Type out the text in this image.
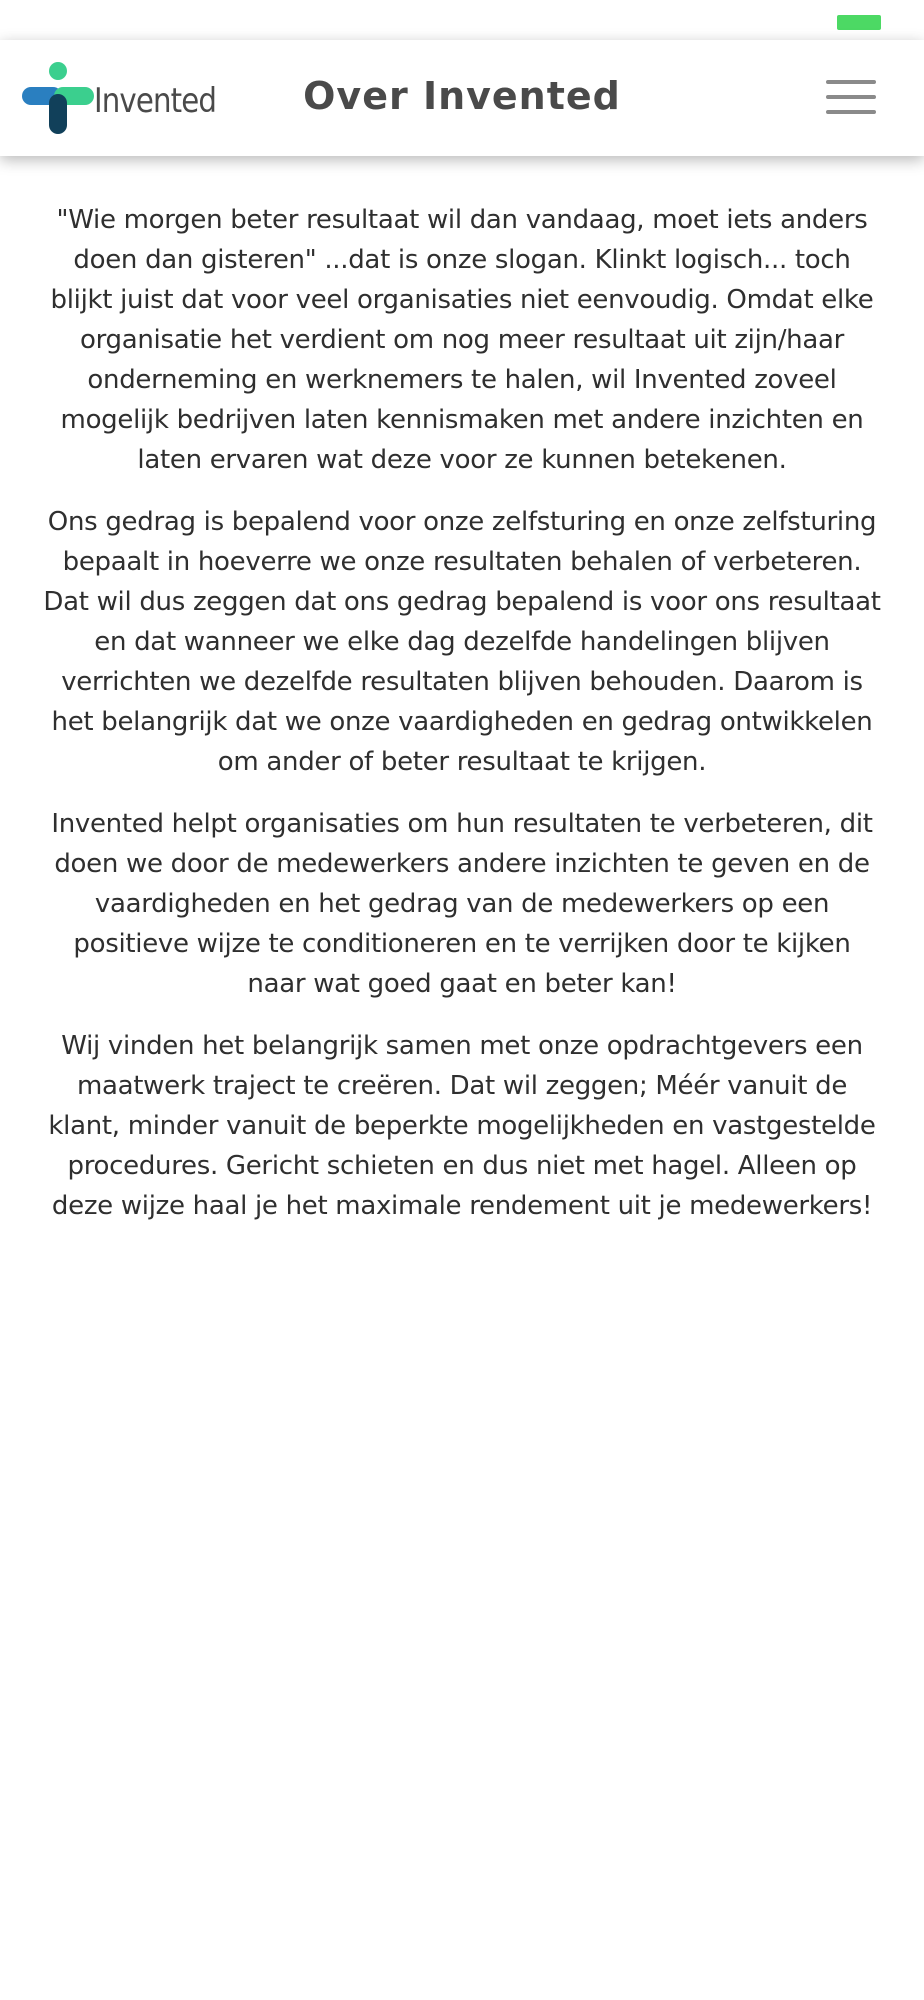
Invented	Over Invented

"Wie morgen beter resultaat wil dan vandaag, moet iets anders doen dan gisteren" ...dat is onze slogan. Klinkt logisch... toch blijkt juist dat voor veel organisaties niet eenvoudig. Omdat elke organisatie het verdient om nog meer resultaat uit zijn/haar onderneming en werknemers te halen, wil Invented zoveel mogelijk bedrijven laten kennismaken met andere inzichten en laten ervaren wat deze voor ze kunnen betekenen.

Ons gedrag is bepalend voor onze zelfsturing en onze zelfsturing bepaalt in hoeverre we onze resultaten behalen of verbeteren. Dat wil dus zeggen dat ons gedrag bepalend is voor ons resultaat en dat wanneer we elke dag dezelfde handelingen blijven verrichten we dezelfde resultaten blijven behouden. Daarom is het belangrijk dat we onze vaardigheden en gedrag ontwikkelen om ander of beter resultaat te krijgen.

Invented helpt organisaties om hun resultaten te verbeteren, dit doen we door de medewerkers andere inzichten te geven en de vaardigheden en het gedrag van de medewerkers op een positieve wijze te conditioneren en te verrijken door te kijken naar wat goed gaat en beter kan!

Wij vinden het belangrijk samen met onze opdrachtgevers een maatwerk traject te creëren. Dat wil zeggen; Méér vanuit de klant, minder vanuit de beperkte mogelijkheden en vastgestelde procedures. Gericht schieten en dus niet met hagel. Alleen op deze wijze haal je het maximale rendement uit je medewerkers!
